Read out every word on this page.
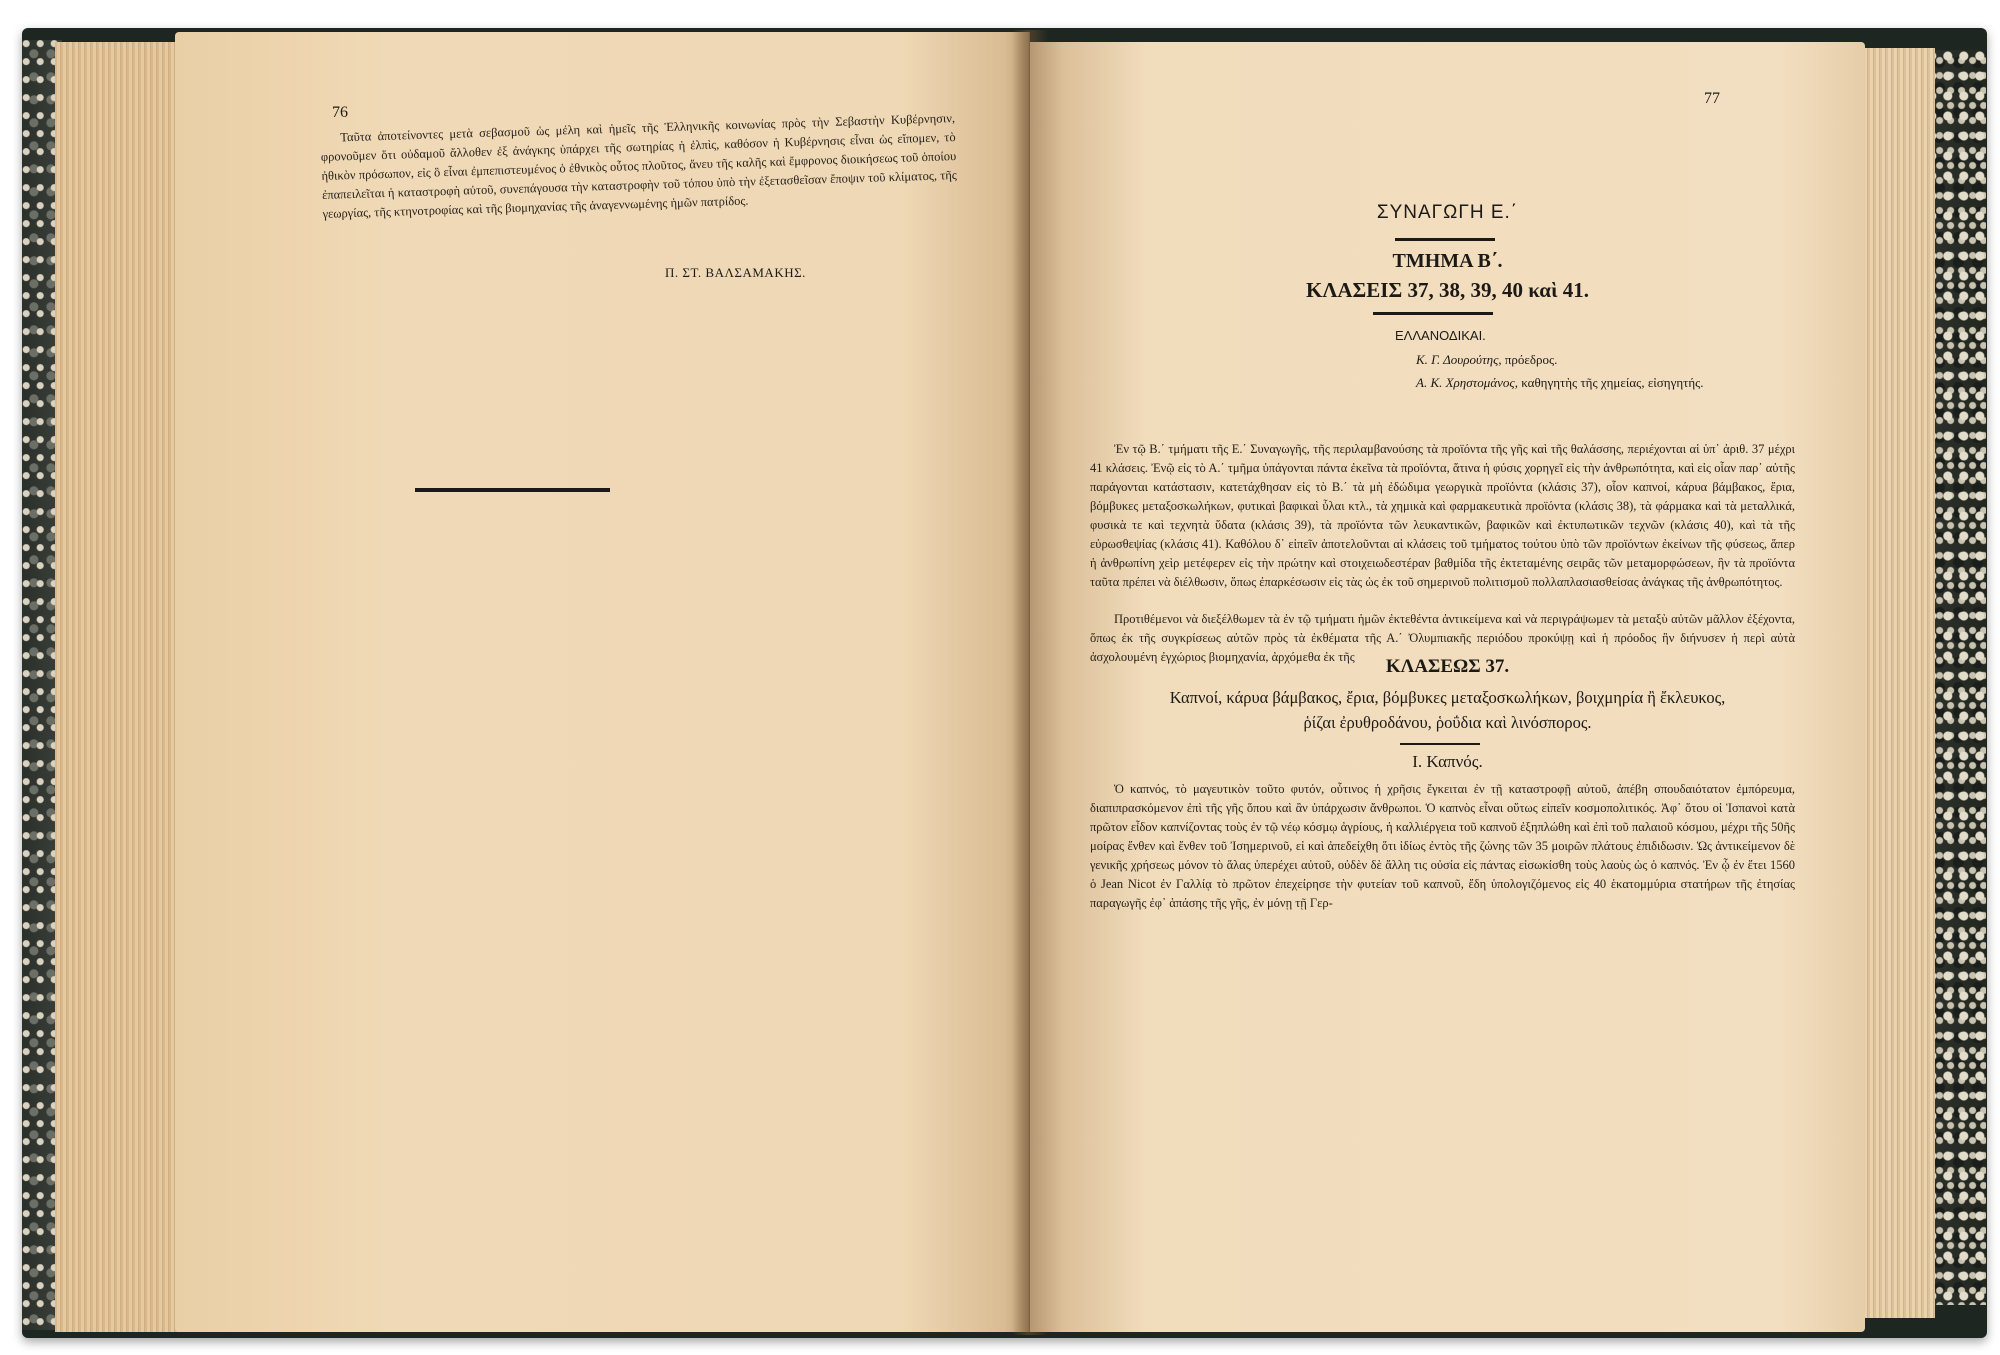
76

Ταῦτα ἀποτείνοντες μετὰ σεβασμοῦ ὡς μέλη καὶ ἡμεῖς τῆς Ἑλληνικῆς κοινωνίας πρὸς τὴν Σεβαστὴν Κυβέρνησιν, φρονοῦμεν ὅτι οὐδαμοῦ ἄλλοθεν ἐξ ἀνάγκης ὑπάρχει τῆς σωτηρίας ἡ ἐλπὶς, καθόσον ἡ Κυβέρνησις εἶναι ὡς εἴπομεν, τὸ ἠθικὸν πρόσωπον, εἰς ὃ εἶναι ἐμπεπιστευμένος ὁ ἐθνικὸς οὗτος πλοῦτος, ἄνευ τῆς καλῆς καὶ ἔμφρονος διοικήσεως τοῦ ὁποίου ἐπαπειλεῖται ἡ καταστροφὴ αὐτοῦ, συνεπάγουσα τὴν καταστροφὴν τοῦ τόπου ὑπὸ τὴν ἐξετασθεῖσαν ἔποψιν τοῦ κλίματος, τῆς γεωργίας, τῆς κτηνοτροφίας καὶ τῆς βιομηχανίας τῆς ἀναγεννωμένης ἡμῶν πατρίδος.

Π. ΣΤ. ΒΑΛΣΑΜΑΚΗΣ.
77
ΣΥΝΑΓΩΓΗ Ε.΄
ΤΜΗΜΑ Β΄.
ΚΛΑΣΕΙΣ 37, 38, 39, 40 καὶ 41.
ΕΛΛΑΝΟΔΙΚΑΙ.
Κ. Γ. Δουρούτης, πρόεδρος.
Α. Κ. Χρηστομάνος, καθηγητὴς τῆς χημείας, εἰσηγητής.

Ἐν τῷ Β.΄ τμήματι τῆς Ε.΄ Συναγωγῆς, τῆς περιλαμβανούσης τὰ προϊόντα τῆς γῆς καὶ τῆς θαλάσσης, περιέχονται αἱ ὑπ᾽ ἀριθ. 37 μέχρι 41 κλάσεις. Ἐνῷ εἰς τὸ Α.΄ τμῆμα ὑπάγονται πάντα ἐκεῖνα τὰ προϊόντα, ἅτινα ἡ φύσις χορηγεῖ εἰς τὴν ἀνθρωπότητα, καὶ εἰς οἷαν παρ᾽ αὐτῆς παράγονται κατάστασιν, κατετάχθησαν εἰς τὸ Β.΄ τὰ μὴ ἐδώδιμα γεωργικὰ προϊόντα (κλάσις 37), οἷον καπνοί, κάρυα βάμβακος, ἔρια, βόμβυκες μεταξοσκωλήκων, φυτικαὶ βαφικαὶ ὗλαι κτλ., τὰ χημικὰ καὶ φαρμακευτικὰ προϊόντα (κλάσις 38), τὰ φάρμακα καὶ τὰ μεταλλικά, φυσικὰ τε καὶ τεχνητὰ ὕδατα (κλάσις 39), τὰ προϊόντα τῶν λευκαντικῶν, βαφικῶν καὶ ἐκτυπωτικῶν τεχνῶν (κλάσις 40), καὶ τὰ τῆς εὐρωσθεψίας (κλάσις 41). Καθόλου δ᾽ εἰπεῖν ἀποτελοῦνται αἱ κλάσεις τοῦ τμήματος τούτου ὑπὸ τῶν προϊόντων ἐκείνων τῆς φύσεως, ἅπερ ἡ ἀνθρωπίνη χεὶρ μετέφερεν εἰς τὴν πρώτην καὶ στοιχειωδεστέραν βαθμίδα τῆς ἐκτεταμένης σειρᾶς τῶν μεταμορφώσεων, ἣν τὰ προϊόντα ταῦτα πρέπει νὰ διέλθωσιν, ὅπως ἐπαρκέσωσιν εἰς τὰς ὡς ἐκ τοῦ σημερινοῦ πολιτισμοῦ πολλαπλασιασθείσας ἀνάγκας τῆς ἀνθρωπότητος.

Προτιθέμενοι νὰ διεξέλθωμεν τὰ ἐν τῷ τμήματι ἡμῶν ἐκτεθέντα ἀντικείμενα καὶ νὰ περιγράψωμεν τὰ μεταξὺ αὐτῶν μᾶλλον ἐξέχοντα, ὅπως ἐκ τῆς συγκρίσεως αὐτῶν πρὸς τὰ ἐκθέματα τῆς Α.΄ Ὀλυμπιακῆς περιόδου προκύψῃ καὶ ἡ πρόοδος ἣν διήνυσεν ἡ περὶ αὐτὰ ἀσχολουμένη ἐγχώριος βιομηχανία, ἀρχόμεθα ἐκ τῆς	ΚΛΑΣΕΩΣ 37.
Καπνοί, κάρυα βάμβακος, ἔρια, βόμβυκες μεταξοσκωλήκων, βοιχμηρία ἢ ἔκλευκος,
ῥίζαι ἐρυθροδάνου, ῥοΰδια καὶ λινόσπορος.
Ι. Καπνός.

Ὁ καπνός, τὸ μαγευτικὸν τοῦτο φυτόν, οὗτινος ἡ χρῆσις ἔγκειται ἐν τῇ καταστροφῇ αὐτοῦ, ἀπέβη σπουδαιότατον ἐμπόρευμα, διαπιπρασκόμενον ἐπὶ τῆς γῆς ὅπου καὶ ἂν ὑπάρχωσιν ἄνθρωποι. Ὁ καπνὸς εἶναι οὕτως εἰπεῖν κοσμοπολιτικός. Ἀφ᾽ ὅτου οἱ Ἱσπανοὶ κατὰ πρῶτον εἶδον καπνίζοντας τοὺς ἐν τῷ νέῳ κόσμῳ ἀγρίους, ἡ καλλιέργεια τοῦ καπνοῦ ἐξηπλώθη καὶ ἐπὶ τοῦ παλαιοῦ κόσμου, μέχρι τῆς 50ῆς μοίρας ἔνθεν καὶ ἔνθεν τοῦ Ἰσημερινοῦ, εἰ καὶ ἀπεδείχθη ὅτι ἰδίως ἐντὸς τῆς ζώνης τῶν 35 μοιρῶν πλάτους ἐπιδιδωσιν. Ὡς ἀντικείμενον δὲ γενικῆς χρήσεως μόνον τὸ ἅλας ὑπερέχει αὐτοῦ, οὐδὲν δὲ ἄλλη τις οὐσία εἰς πάντας εἰσωκίσθη τοὺς λαοὺς ὡς ὁ καπνός. Ἐν ᾧ ἐν ἔτει 1560 ὁ Jean Nicot ἐν Γαλλίᾳ τὸ πρῶτον ἐπεχείρησε τὴν φυτείαν τοῦ καπνοῦ, ἔδη ὑπολογιζόμενος εἰς 40 ἑκατομμύρια στατήρων τῆς ἐτησίας παραγωγῆς ἐφ᾽ ἁπάσης τῆς γῆς, ἐν μόνῃ τῇ Γερ-
